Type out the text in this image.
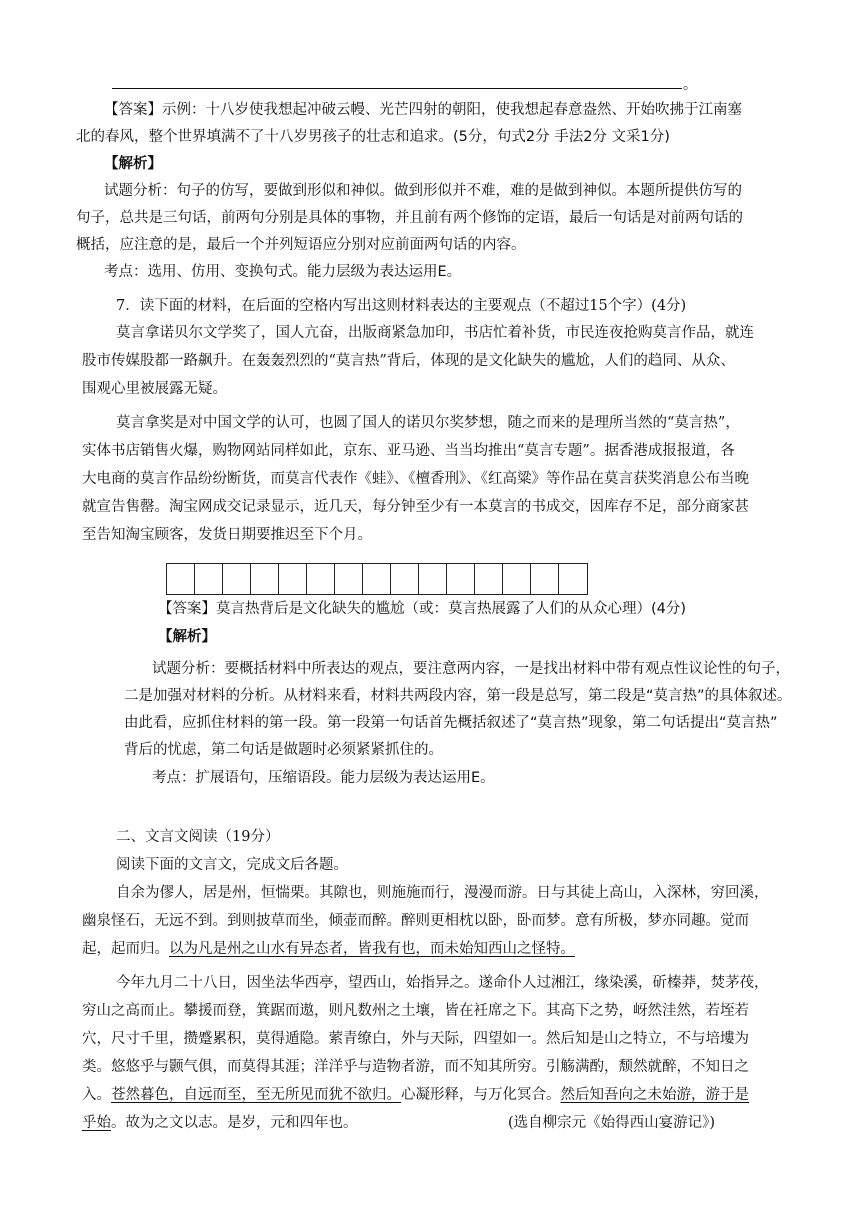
。
【答案】示例：十八岁使我想起冲破云幔、光芒四射的朝阳，使我想起春意盎然、开始吹拂于江南塞
北的春风，整个世界填满不了十八岁男孩子的壮志和追求。(5分，句式2分 手法2分 文采1分)
【解析】
试题分析：句子的仿写，要做到形似和神似。做到形似并不难，难的是做到神似。本题所提供仿写的
句子，总共是三句话，前两句分别是具体的事物，并且前有两个修饰的定语，最后一句话是对前两句话的
概括，应注意的是，最后一个并列短语应分别对应前面两句话的内容。
考点：选用、仿用、变换句式。能力层级为表达运用E。
7．读下面的材料，在后面的空格内写出这则材料表达的主要观点（不超过15个字）(4分)
莫言拿诺贝尔文学奖了，国人亢奋，出版商紧急加印，书店忙着补货，市民连夜抢购莫言作品，就连
股市传媒股都一路飙升。在轰轰烈烈的“莫言热”背后，体现的是文化缺失的尴尬，人们的趋同、从众、
围观心里被展露无疑。
莫言拿奖是对中国文学的认可，也圆了国人的诺贝尔奖梦想，随之而来的是理所当然的“莫言热”，
实体书店销售火爆，购物网站同样如此，京东、亚马逊、当当均推出“莫言专题”。据香港成报报道，各
大电商的莫言作品纷纷断货，而莫言代表作《蛙》、《檀香刑》、《红高粱》等作品在莫言获奖消息公布当晚
就宣告售罄。淘宝网成交记录显示，近几天，每分钟至少有一本莫言的书成交，因库存不足，部分商家甚
至告知淘宝顾客，发货日期要推迟至下个月。
【答案】莫言热背后是文化缺失的尴尬（或：莫言热展露了人们的从众心理）(4分)
【解析】
试题分析：要概括材料中所表达的观点，要注意两内容，一是找出材料中带有观点性议论性的句子，
二是加强对材料的分析。从材料来看，材料共两段内容，第一段是总写，第二段是“莫言热”的具体叙述。
由此看，应抓住材料的第一段。第一段第一句话首先概括叙述了“莫言热”现象，第二句话提出“莫言热”
背后的忧虑，第二句话是做题时必须紧紧抓住的。
考点：扩展语句，压缩语段。能力层级为表达运用E。
二、文言文阅读（19分）
阅读下面的文言文，完成文后各题。
自余为僇人，居是州，恒惴栗。其隙也，则施施而行，漫漫而游。日与其徒上高山，入深林，穷回溪，
幽泉怪石，无远不到。到则披草而坐，倾壶而醉。醉则更相枕以卧，卧而梦。意有所极，梦亦同趣。觉而
起，起而归。以为凡是州之山水有异态者，皆我有也，而未始知西山之怪特。
今年九月二十八日，因坐法华西亭，望西山，始指异之。遂命仆人过湘江，缘染溪，斫榛莽，焚茅茷，
穷山之高而止。攀援而登，箕踞而遨，则凡数州之土壤，皆在衽席之下。其高下之势，岈然洼然，若垤若
穴，尺寸千里，攒蹙累积，莫得遁隐。萦青缭白，外与天际，四望如一。然后知是山之特立，不与培塿为
类。悠悠乎与颢气俱，而莫得其涯；洋洋乎与造物者游，而不知其所穷。引觞满酌，颓然就醉，不知日之
入。苍然暮色，自远而至，至无所见而犹不欲归。心凝形释，与万化冥合。然后知吾向之未始游，游于是
乎始。故为之文以志。是岁，元和四年也。	(选自柳宗元《始得西山宴游记》)
